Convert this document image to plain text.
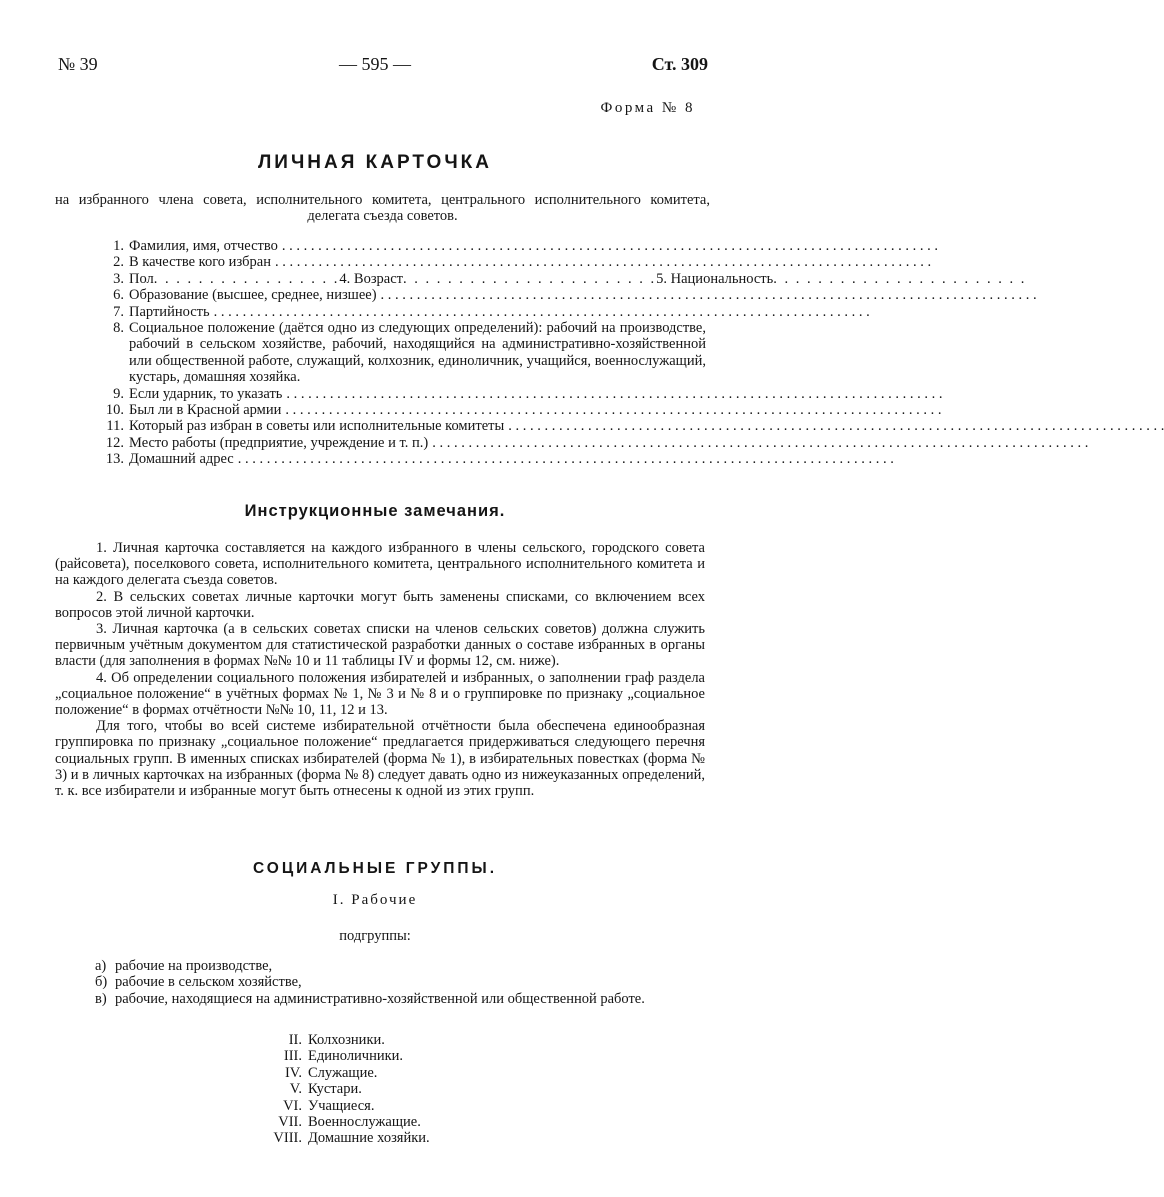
— 595 —
№ 39	Ст. 309
Форма № 8
ЛИЧНАЯ КАРТОЧКА
на избранного члена совета, исполнительного комитета, центрального исполнительного комитета, делегата съезда советов.
1. Фамилия, имя, отчество . . .
2. В качестве кого избран . . .
3. Пол . . . . . . . . . . . . . . . . . 4. Возраст . . . . . . . . . . . . . . . . . . . . . . . 5. Национальность . . . . . . . . . . . . . . . . . . . . . . .
6. Образование (высшее, среднее, низшее) . . .
7. Партийность . . .
8. Социальное положение (даётся одно из следующих определений): рабочий на производстве, рабочий в сельском хозяйстве, рабочий, находящийся на административно-хозяйственной или общественной работе, служащий, колхозник, единоличник, учащийся, военнослужащий, кустарь, домашняя хозяйка.
9. Если ударник, то указать . . .
10. Был ли в Красной армии . . .
11. Который раз избран в советы или исполнительные комитеты . . .
12. Место работы (предприятие, учреждение и т. п.) . . .
13. Домашний адрес . . .
Инструкционные замечания.

1. Личная карточка составляется на каждого избранного в члены сельского, городского совета (райсовета), поселкового совета, исполнительного комитета, центрального исполнительного комитета и на каждого делегата съезда советов.

2. В сельских советах личные карточки могут быть заменены списками, со включением всех вопросов этой личной карточки.

3. Личная карточка (а в сельских советах списки на членов сельских советов) должна служить первичным учётным документом для статистической разработки данных о составе избранных в органы власти (для заполнения в формах №№ 10 и 11 таблицы IV и формы 12, см. ниже).

4. Об определении социального положения избирателей и избранных, о заполнении граф раздела „социальное положение“ в учётных формах № 1, № 3 и № 8 и о группировке по признаку „социальное положение“ в формах отчётности №№ 10, 11, 12 и 13.

Для того, чтобы во всей системе избирательной отчётности была обеспечена единообразная группировка по признаку „социальное положение“ предлагается придерживаться следующего перечня социальных групп. В именных списках избирателей (форма № 1), в избирательных повестках (форма № 3) и в личных карточках на избранных (форма № 8) следует давать одно из нижеуказанных определений, т. к. все избиратели и избранные могут быть отнесены к одной из этих групп.

СОЦИАЛЬНЫЕ ГРУППЫ.
I. Рабочие
подгруппы:
а) рабочие на производстве,
б) рабочие в сельском хозяйстве,
в) рабочие, находящиеся на административно-хозяйственной или общественной работе.
II. Колхозники.
III. Единоличники.
IV. Служащие.
V. Кустари.
VI. Учащиеся.
VII. Военнослужащие.
VIII. Домашние хозяйки.
